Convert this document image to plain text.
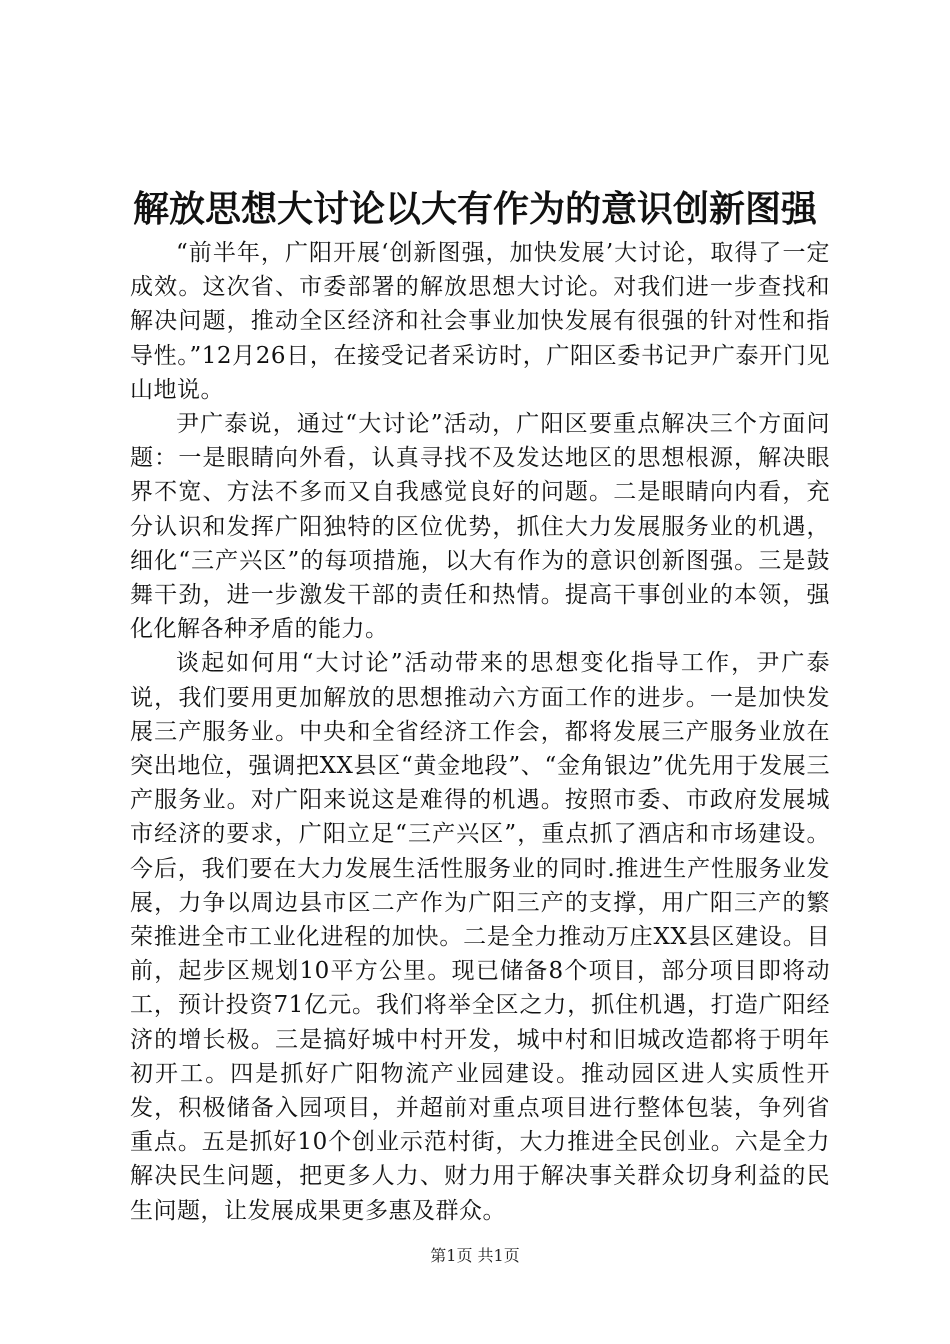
解放思想大讨论以大有作为的意识创新图强

“前半年，广阳开展‘创新图强，加快发展’大讨论，取得了一定成效。这次省、市委部署的解放思想大讨论。对我们进一步查找和解决问题，推动全区经济和社会事业加快发展有很强的针对性和指导性。”12月26日，在接受记者采访时，广阳区委书记尹广泰开门见山地说。

尹广泰说，通过“大讨论”活动，广阳区要重点解决三个方面问题：一是眼睛向外看，认真寻找不及发达地区的思想根源，解决眼界不宽、方法不多而又自我感觉良好的问题。二是眼睛向内看，充分认识和发挥广阳独特的区位优势，抓住大力发展服务业的机遇，细化“三产兴区”的每项措施，以大有作为的意识创新图强。三是鼓舞干劲，进一步激发干部的责任和热情。提高干事创业的本领，强化化解各种矛盾的能力。

谈起如何用“大讨论”活动带来的思想变化指导工作，尹广泰说，我们要用更加解放的思想推动六方面工作的进步。一是加快发展三产服务业。中央和全省经济工作会，都将发展三产服务业放在突出地位，强调把XX县区“黄金地段”、“金角银边”优先用于发展三产服务业。对广阳来说这是难得的机遇。按照市委、市政府发展城市经济的要求，广阳立足“三产兴区”，重点抓了酒店和市场建设。今后，我们要在大力发展生活性服务业的同时.推进生产性服务业发展，力争以周边县市区二产作为广阳三产的支撑，用广阳三产的繁荣推进全市工业化进程的加快。二是全力推动万庄XX县区建设。目前，起步区规划10平方公里。现已储备8个项目，部分项目即将动工，预计投资71亿元。我们将举全区之力，抓住机遇，打造广阳经济的增长极。三是搞好城中村开发，城中村和旧城改造都将于明年初开工。四是抓好广阳物流产业园建设。推动园区进人实质性开发，积极储备入园项目，并超前对重点项目进行整体包装，争列省重点。五是抓好10个创业示范村街，大力推进全民创业。六是全力解决民生问题，把更多人力、财力用于解决事关群众切身利益的民生问题，让发展成果更多惠及群众。

第1页 共1页
